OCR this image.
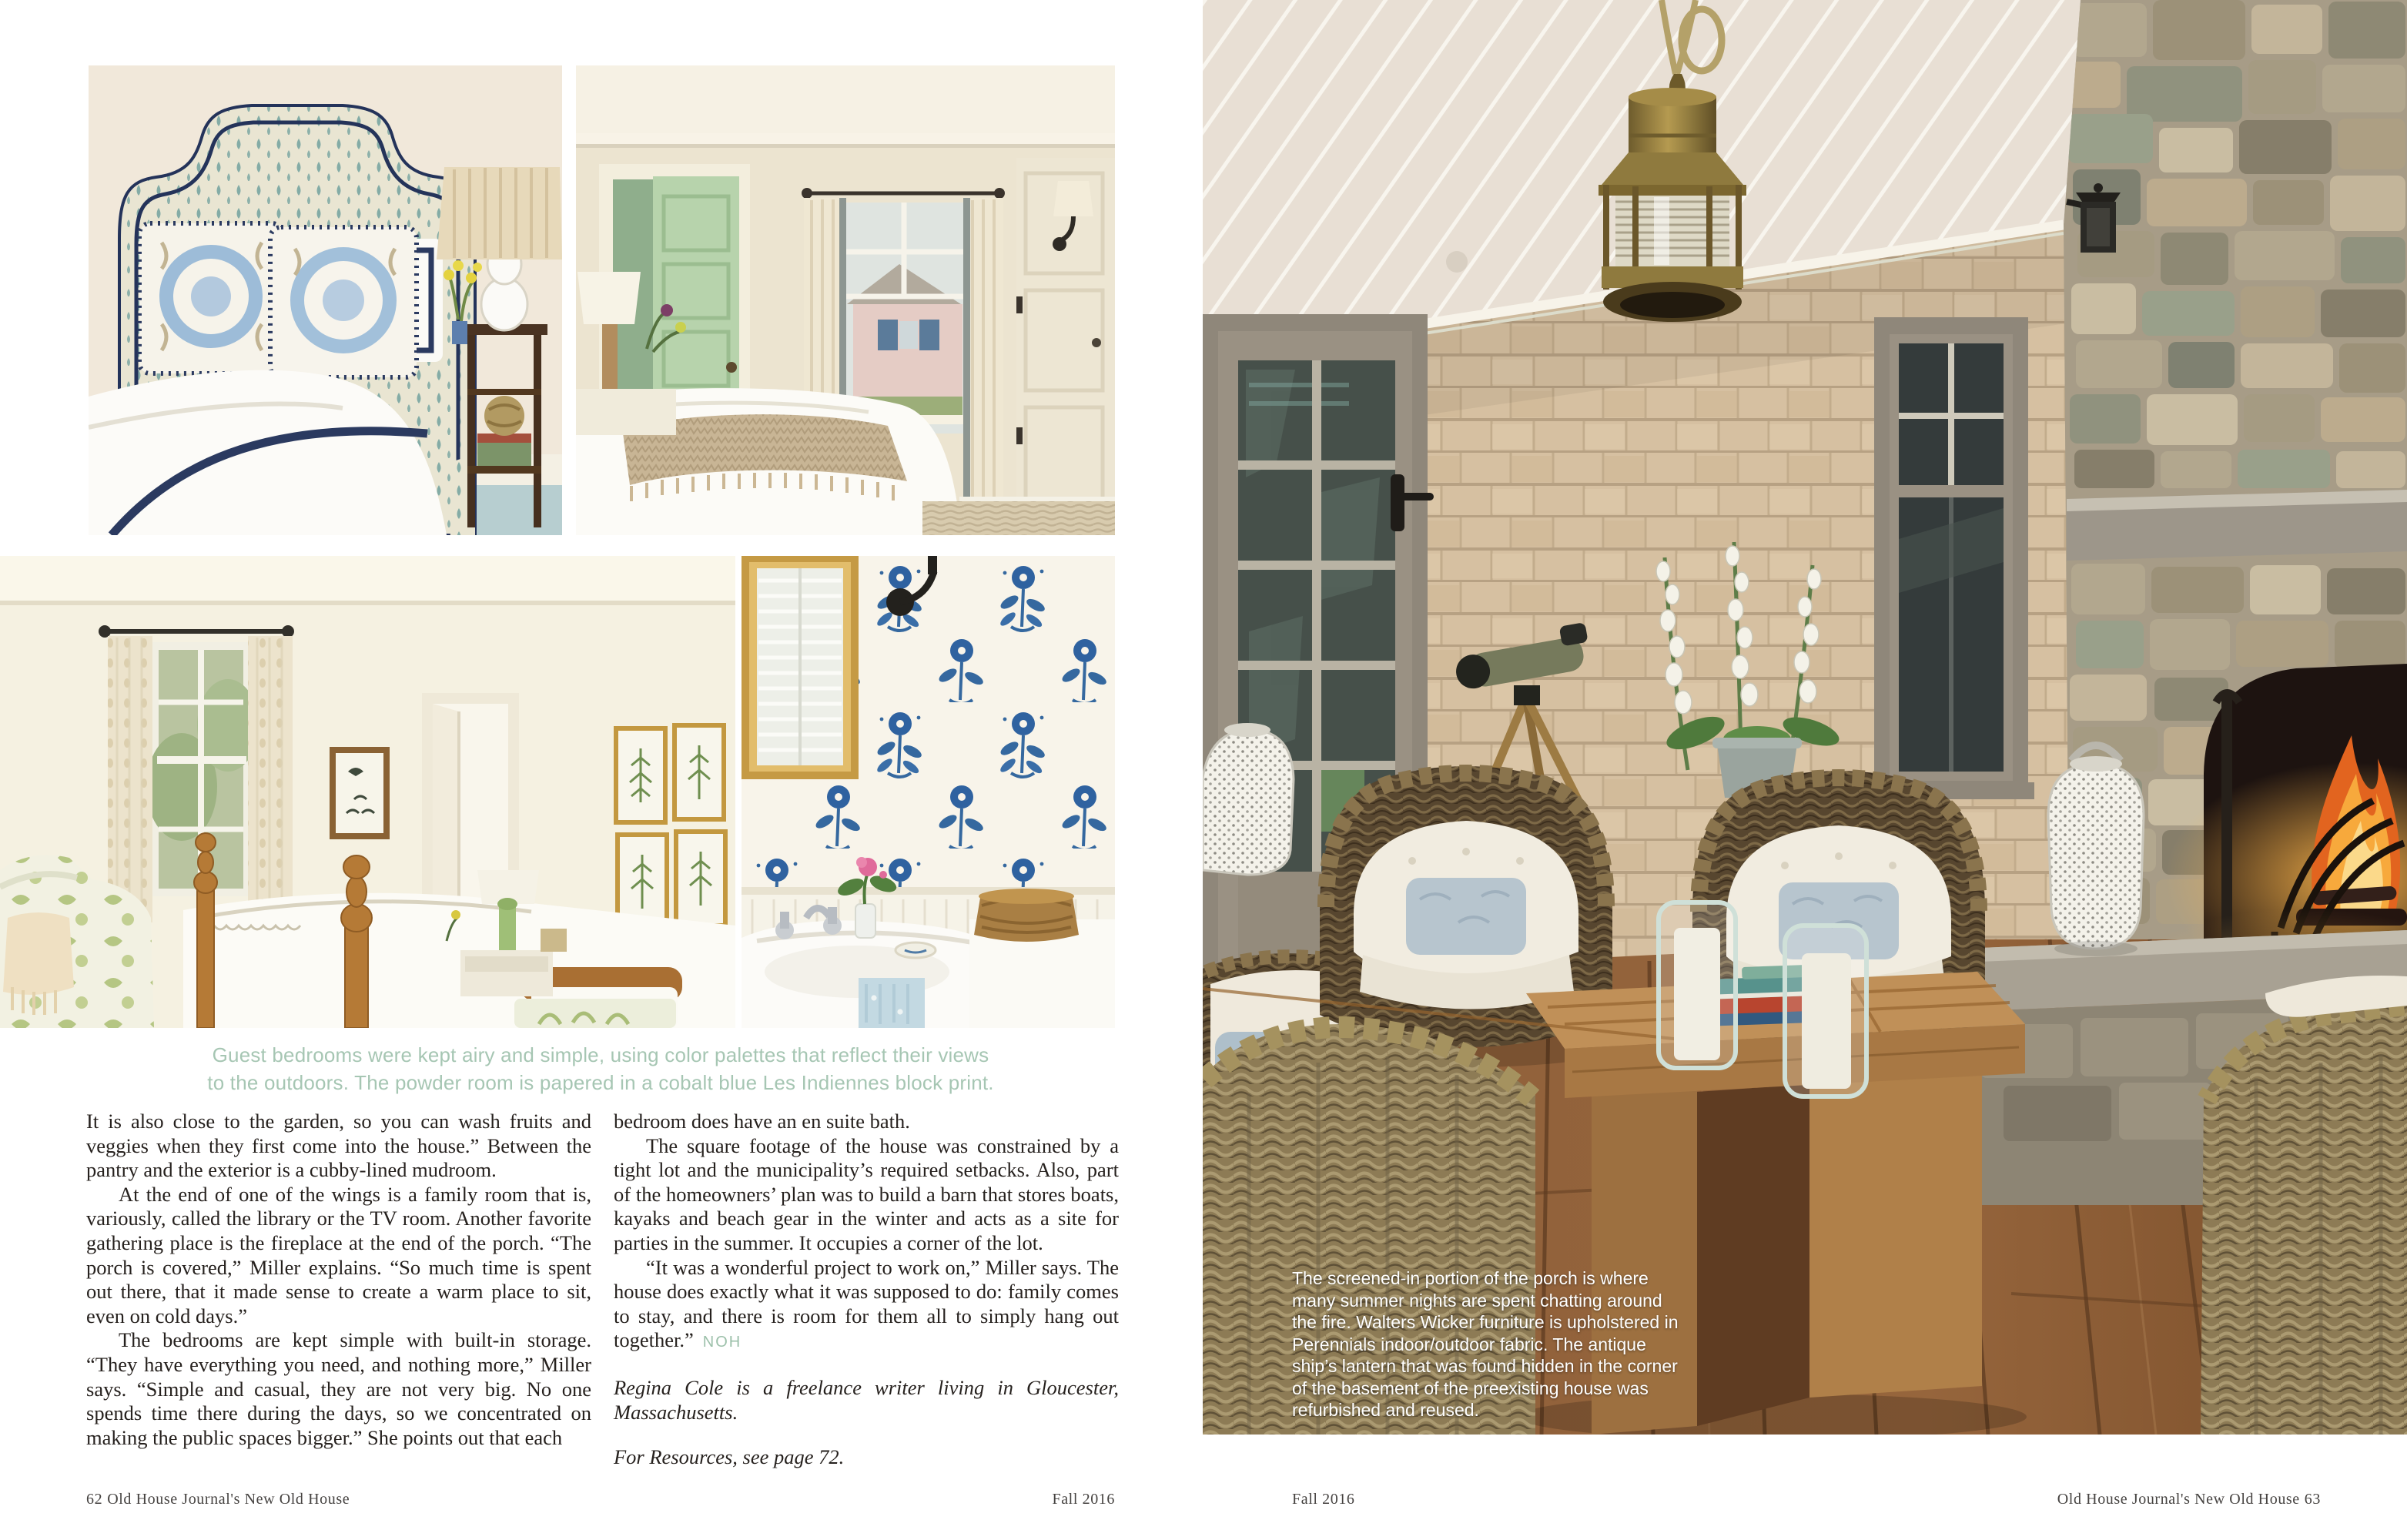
Guest bedrooms were kept airy and simple, using color palettes that reflect their views
to the outdoors. The powder room is papered in a cobalt blue Les Indiennes block print.

It is also close to the garden, so you can wash fruits and veggies when they first come into the house.” Between the pantry and the exterior is a cubby-lined mudroom.

At the end of one of the wings is a family room that is, variously, called the library or the TV room. Another favorite gathering place is the fireplace at the end of the porch. “The porch is covered,” Miller explains. “So much time is spent out there, that it made sense to create a warm place to sit, even on cold days.”

The bedrooms are kept simple with built-in storage. “They have everything you need, and nothing more,” Miller says. “Simple and casual, they are not very big. No one spends time there during the days, so we concentrated on making the public spaces bigger.” She points out that each

bedroom does have an en suite bath.

The square footage of the house was constrained by a tight lot and the municipality’s required setbacks. Also, part of the homeowners’ plan was to build a barn that stores boats, kayaks and beach gear in the winter and acts as a site for parties in the summer. It occupies a corner of the lot.

“It was a wonderful project to work on,” Miller says. The house does exactly what it was supposed to do: family comes to stay, and there is room for them all to simply hang out together.” NOH

Regina Cole is a freelance writer living in Gloucester, Massachusetts.

For Resources, see page 72.

62 Old House Journal's New Old House	Fall 2016
The screened-in portion of the porch is where many summer nights are spent chatting around the fire. Walters Wicker furniture is upholstered in Perennials indoor/outdoor fabric. The antique ship’s lantern that was found hidden in the corner of the basement of the preexisting house was refurbished and reused.
Fall 2016	Old House Journal's New Old House 63
